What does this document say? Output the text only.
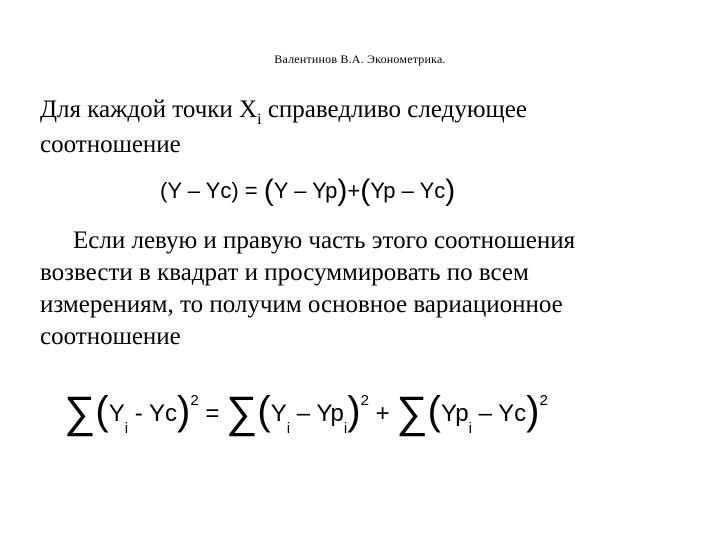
Валентинов В.А. Эконометрика.
Для каждой точки $X_i$ справедливо следующее
соотношение
(Y – Yc) = (Y – Yp)+(Yp – Yc)
Если левую и правую часть этого соотношения
возвести в квадрат и просуммировать по всем
измерениям, то получим основное вариационное
соотношение
$\sum(Y_i - Yc)^2 = \sum(Y_i - Yp_i)^2 + \sum(Yp_i - Yc)^2$
